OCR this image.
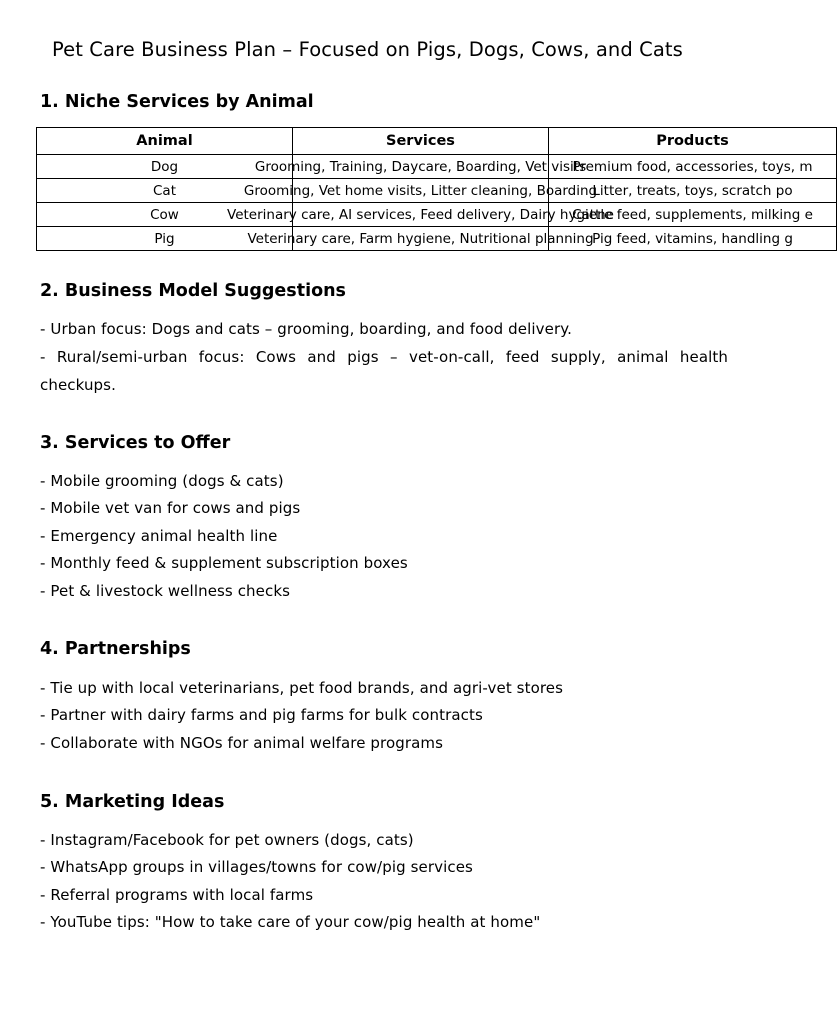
Pet Care Business Plan – Focused on Pigs, Dogs, Cows, and Cats
1. Niche Services by Animal
Animal	Services	Products
Dog	Grooming, Training, Daycare, Boarding, Vet visits	Premium food, accessories, toys, m

Cat	Grooming, Vet home visits, Litter cleaning, Boarding	Litter, treats, toys, scratch po

Cow	Veterinary care, AI services, Feed delivery, Dairy hygiene	Cattle feed, supplements, milking e

Pig	Veterinary care, Farm hygiene, Nutritional planning	Pig feed, vitamins, handling g
2. Business Model Suggestions
- Urban focus: Dogs and cats – grooming, boarding, and food delivery.
- Rural/semi-urban focus: Cows and pigs – vet-on-call, feed supply, animal health checkups.
3. Services to Offer
- Mobile grooming (dogs & cats)
- Mobile vet van for cows and pigs
- Emergency animal health line
- Monthly feed & supplement subscription boxes
- Pet & livestock wellness checks
4. Partnerships
- Tie up with local veterinarians, pet food brands, and agri-vet stores
- Partner with dairy farms and pig farms for bulk contracts
- Collaborate with NGOs for animal welfare programs
5. Marketing Ideas
- Instagram/Facebook for pet owners (dogs, cats)
- WhatsApp groups in villages/towns for cow/pig services
- Referral programs with local farms
- YouTube tips: "How to take care of your cow/pig health at home"
